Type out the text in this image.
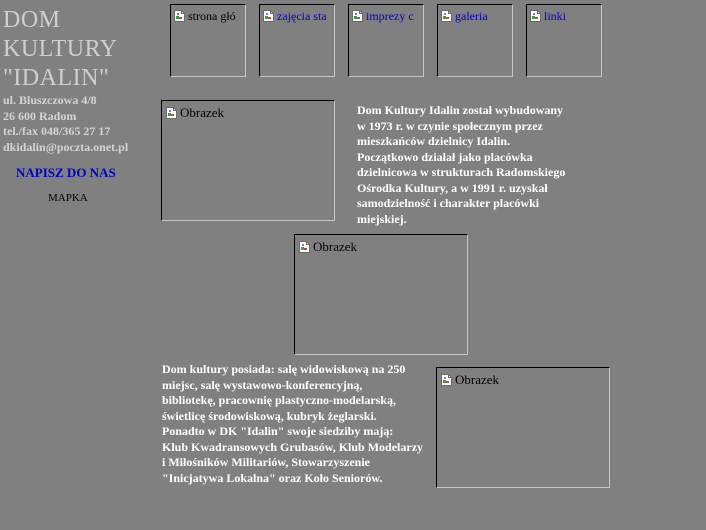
DOM
KULTURY
"IDALIN"
ul. Bluszczowa 4/8
26 600 Radom
tel./fax 048/365 27 17
dkidalin@poczta.onet.pl
NAPISZ DO NAS
MAPKA
strona głó	zajęcia sta	imprezy c	galeria	linki
Obrazek
Obrazek
Obrazek
Dom Kultury Idalin został wybudowany
w 1973 r. w czynie społecznym przez
mieszkańców dzielnicy Idalin.
Początkowo działał jako placówka
dzielnicowa w strukturach Radomskiego
Ośrodka Kultury, a w 1991 r. uzyskał
samodzielność i charakter placówki
miejskiej.
Dom kultury posiada: salę widowiskową na 250
miejsc, salę wystawowo-konferencyjną,
bibliotekę, pracownię plastyczno-modelarską,
świetlicę środowiskową, kubryk żeglarski.
Ponadto w DK "Idalin" swoje siedziby mają:
Klub Kwadransowych Grubasów, Klub Modelarzy
i Miłośników Militariów, Stowarzyszenie
"Inicjatywa Lokalna" oraz Koło Seniorów.
